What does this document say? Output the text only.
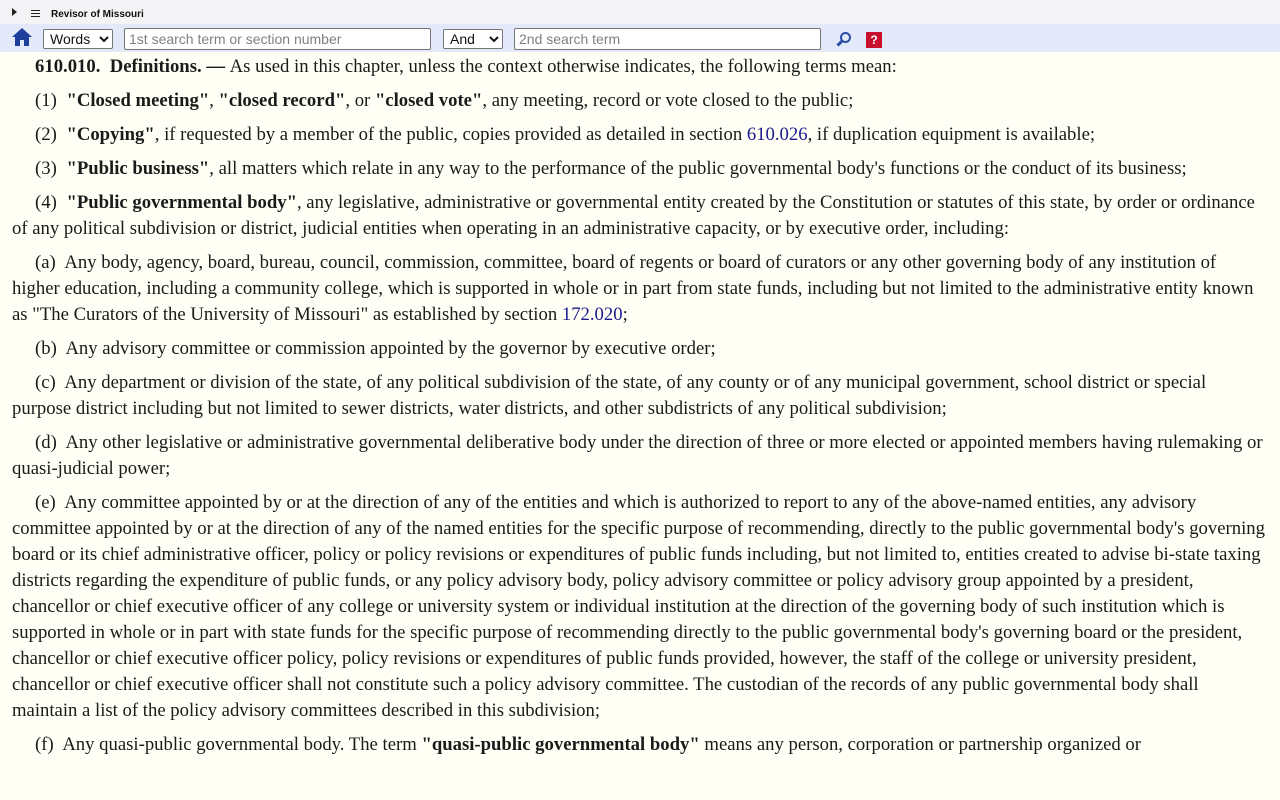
Revisor of Missouri
Words
1st search term or section number
And
2nd search term
?

610.010. Definitions. — As used in this chapter, unless the context otherwise indicates, the following terms mean:

(1) "Closed meeting", "closed record", or "closed vote", any meeting, record or vote closed to the public;

(2) "Copying", if requested by a member of the public, copies provided as detailed in section 610.026, if duplication equipment is available;

(3) "Public business", all matters which relate in any way to the performance of the public governmental body's functions or the conduct of its business;

(4) "Public governmental body", any legislative, administrative or governmental entity created by the Constitution or statutes of this state, by order or ordinance of any political subdivision or district, judicial entities when operating in an administrative capacity, or by executive order, including:

(a) Any body, agency, board, bureau, council, commission, committee, board of regents or board of curators or any other governing body of any institution of higher education, including a community college, which is supported in whole or in part from state funds, including but not limited to the administrative entity known as "The Curators of the University of Missouri" as established by section 172.020;

(b) Any advisory committee or commission appointed by the governor by executive order;

(c) Any department or division of the state, of any political subdivision of the state, of any county or of any municipal government, school district or special purpose district including but not limited to sewer districts, water districts, and other subdistricts of any political subdivision;

(d) Any other legislative or administrative governmental deliberative body under the direction of three or more elected or appointed members having rulemaking or quasi-judicial power;

(e) Any committee appointed by or at the direction of any of the entities and which is authorized to report to any of the above-named entities, any advisory committee appointed by or at the direction of any of the named entities for the specific purpose of recommending, directly to the public governmental body's governing board or its chief administrative officer, policy or policy revisions or expenditures of public funds including, but not limited to, entities created to advise bi-state taxing districts regarding the expenditure of public funds, or any policy advisory body, policy advisory committee or policy advisory group appointed by a president, chancellor or chief executive officer of any college or university system or individual institution at the direction of the governing body of such institution which is supported in whole or in part with state funds for the specific purpose of recommending directly to the public governmental body's governing board or the president, chancellor or chief executive officer policy, policy revisions or expenditures of public funds provided, however, the staff of the college or university president, chancellor or chief executive officer shall not constitute such a policy advisory committee. The custodian of the records of any public governmental body shall maintain a list of the policy advisory committees described in this subdivision;

(f) Any quasi-public governmental body. The term "quasi-public governmental body" means any person, corporation or partnership organized or
